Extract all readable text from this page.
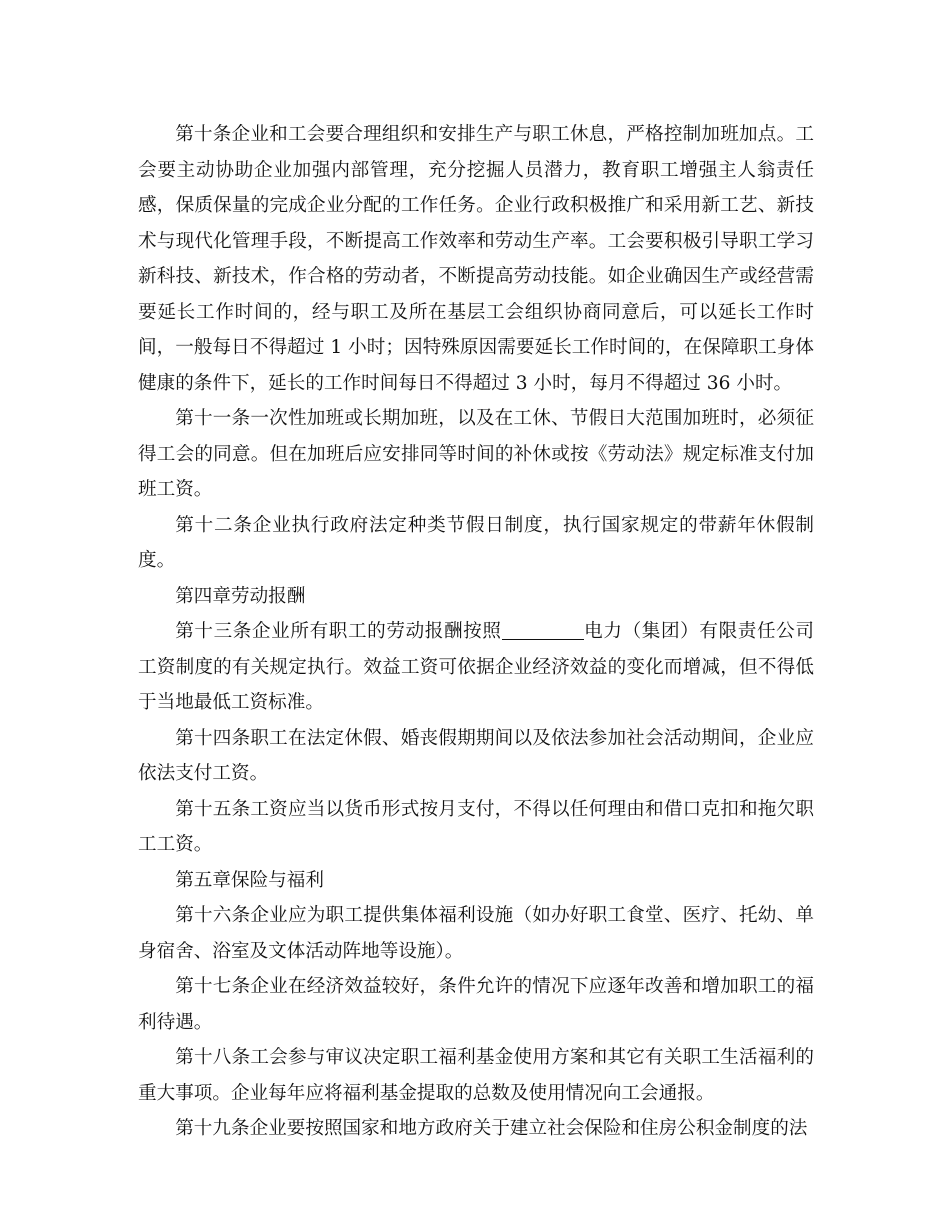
第十条企业和工会要合理组织和安排生产与职工休息，严格控制加班加点。工会要主动协助企业加强内部管理，充分挖掘人员潜力，教育职工增强主人翁责任感，保质保量的完成企业分配的工作任务。企业行政积极推广和采用新工艺、新技术与现代化管理手段，不断提高工作效率和劳动生产率。工会要积极引导职工学习新科技、新技术，作合格的劳动者，不断提高劳动技能。如企业确因生产或经营需要延长工作时间的，经与职工及所在基层工会组织协商同意后，可以延长工作时间，一般每日不得超过 1 小时；因特殊原因需要延长工作时间的，在保障职工身体健康的条件下，延长的工作时间每日不得超过 3 小时，每月不得超过 36 小时。

第十一条一次性加班或长期加班，以及在工休、节假日大范围加班时，必须征得工会的同意。但在加班后应安排同等时间的补休或按《劳动法》规定标准支付加班工资。

第十二条企业执行政府法定种类节假日制度，执行国家规定的带薪年休假制度。

第四章劳动报酬

第十三条企业所有职工的劳动报酬按照	电力（集团）有限责任公司工资制度的有关规定执行。效益工资可依据企业经济效益的变化而增减，但不得低于当地最低工资标准。

第十四条职工在法定休假、婚丧假期期间以及依法参加社会活动期间，企业应依法支付工资。

第十五条工资应当以货币形式按月支付，不得以任何理由和借口克扣和拖欠职工工资。

第五章保险与福利

第十六条企业应为职工提供集体福利设施（如办好职工食堂、医疗、托幼、单身宿舍、浴室及文体活动阵地等设施）。

第十七条企业在经济效益较好，条件允许的情况下应逐年改善和增加职工的福利待遇。

第十八条工会参与审议决定职工福利基金使用方案和其它有关职工生活福利的重大事项。企业每年应将福利基金提取的总数及使用情况向工会通报。

第十九条企业要按照国家和地方政府关于建立社会保险和住房公积金制度的法
